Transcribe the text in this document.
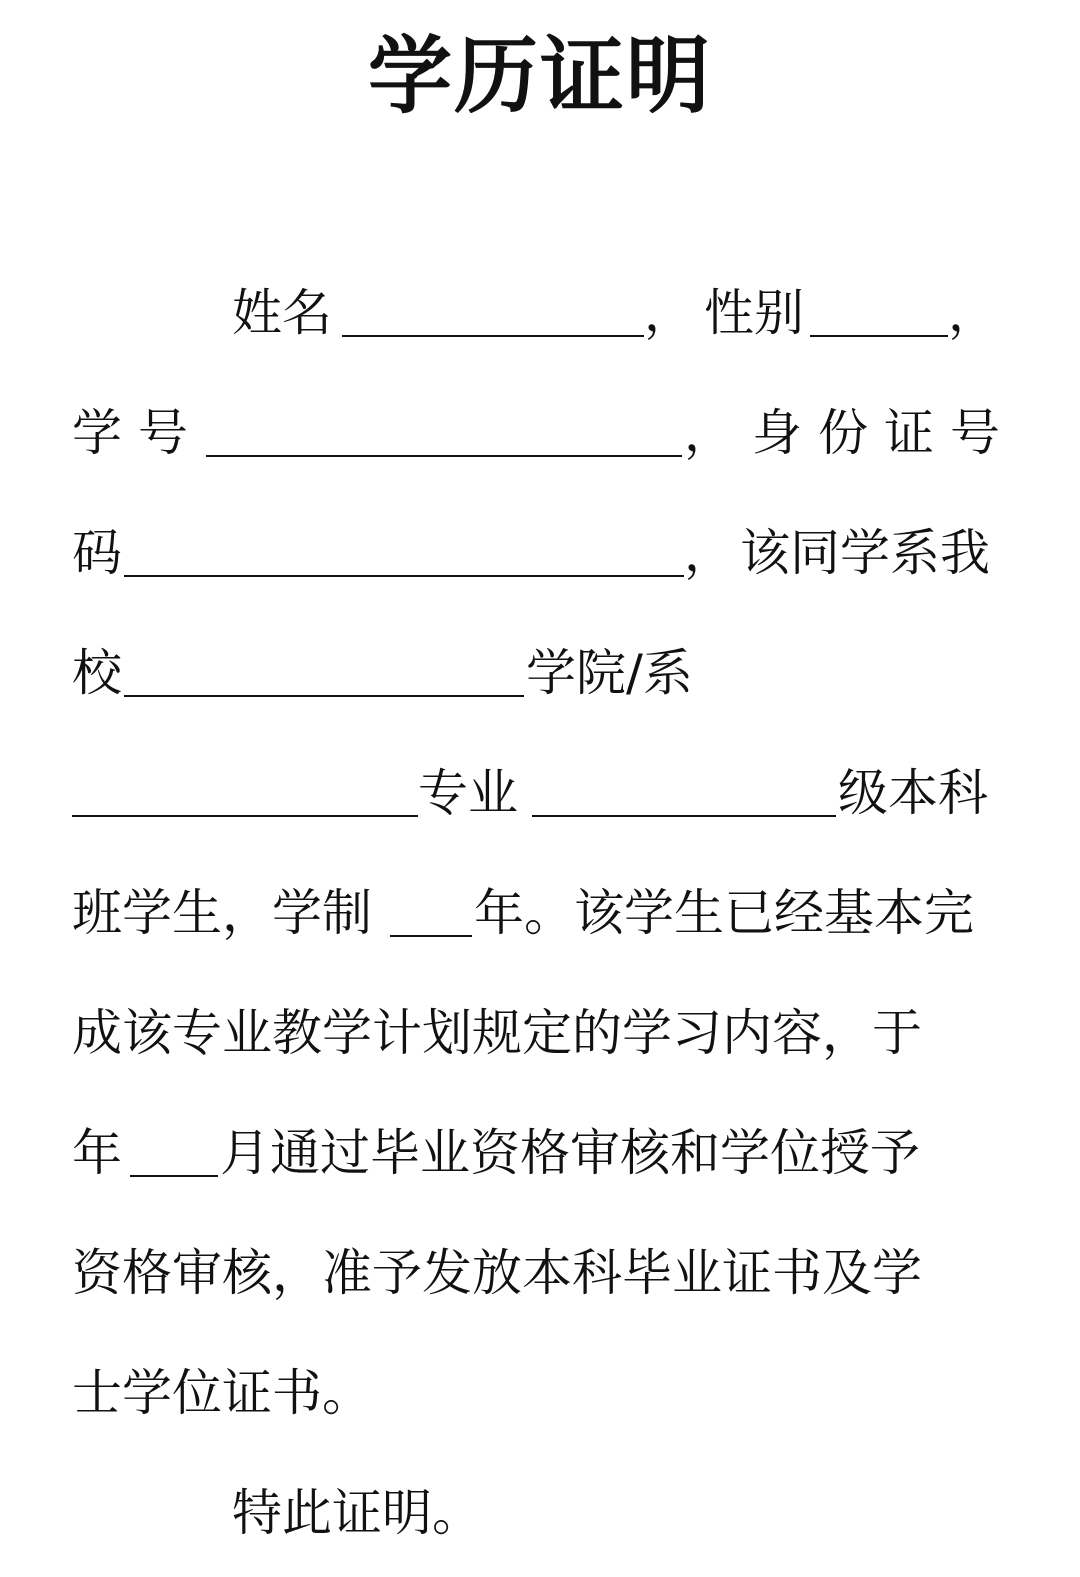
学历证明
姓名	， 性别	，
学号	， 身份证号
码	， 该同学系我
校	学院/系
专业	级本科
班学生，学制 年。该学生已经基本完
成该专业教学计划规定的学习内容，于
年 月通过毕业资格审核和学位授予
资格审核，准予发放本科毕业证书及学
士学位证书。
特此证明。
